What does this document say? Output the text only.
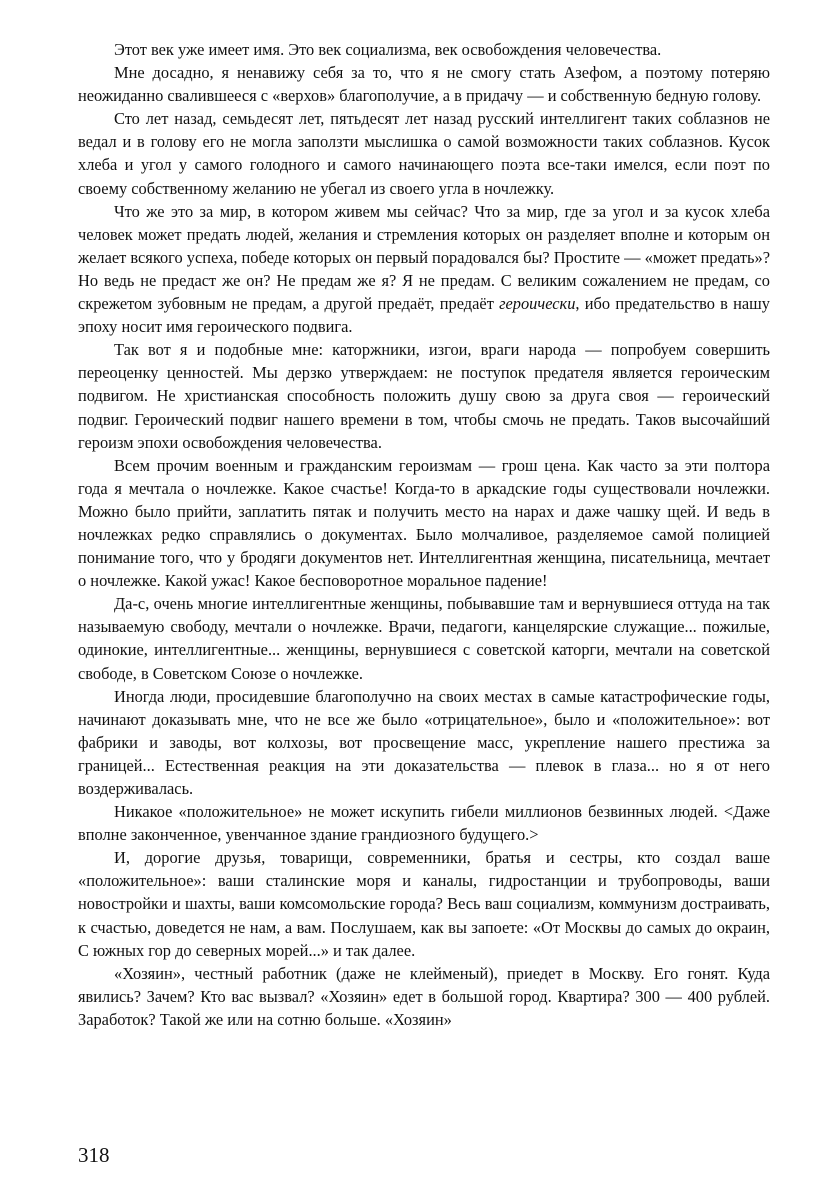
Этот век уже имеет имя. Это век социализма, век освобождения человечества.

Мне досадно, я ненавижу себя за то, что я не смогу стать Азефом, а поэтому потеряю неожиданно свалившееся с «верхов» благополучие, а в придачу — и собственную бедную голову.

Сто лет назад, семьдесят лет, пятьдесят лет назад русский интеллигент таких соблазнов не ведал и в голову его не могла заползти мыслишка о самой возможности таких соблазнов. Кусок хлеба и угол у самого голодного и самого начинающего поэта все-таки имелся, если поэт по своему собственному желанию не убегал из своего угла в ночлежку.

Что же это за мир, в котором живем мы сейчас? Что за мир, где за угол и за кусок хлеба человек может предать людей, желания и стремления которых он разделяет вполне и которым он желает всякого успеха, победе которых он первый порадовался бы? Простите — «может предать»? Но ведь не предаст же он? Не предам же я? Я не предам. С великим сожалением не предам, со скрежетом зубовным не предам, а другой предаёт, предаёт героически, ибо предательство в нашу эпоху носит имя героического подвига.

Так вот я и подобные мне: каторжники, изгои, враги народа — попробуем совершить переоценку ценностей. Мы дерзко утверждаем: не поступок предателя является героическим подвигом. Не христианская способность положить душу свою за друга своя — героический подвиг. Героический подвиг нашего времени в том, чтобы смочь не предать. Таков высочайший героизм эпохи освобождения человечества.

Всем прочим военным и гражданским героизмам — грош цена. Как часто за эти полтора года я мечтала о ночлежке. Какое счастье! Когда-то в аркадские годы существовали ночлежки. Можно было прийти, заплатить пятак и получить место на нарах и даже чашку щей. И ведь в ночлежках редко справлялись о документах. Было молчаливое, разделяемое самой полицией понимание того, что у бродяги документов нет. Интеллигентная женщина, писательница, мечтает о ночлежке. Какой ужас! Какое бесповоротное моральное падение!

Да-с, очень многие интеллигентные женщины, побывавшие там и вернувшиеся оттуда на так называемую свободу, мечтали о ночлежке. Врачи, педагоги, канцелярские служащие... пожилые, одинокие, интеллигентные... женщины, вернувшиеся с советской каторги, мечтали на советской свободе, в Советском Союзе о ночлежке.

Иногда люди, просидевшие благополучно на своих местах в самые катастрофические годы, начинают доказывать мне, что не все же было «отрицательное», было и «положительное»: вот фабрики и заводы, вот колхозы, вот просвещение масс, укрепление нашего престижа за границей... Естественная реакция на эти доказательства — плевок в глаза... но я от него воздерживалась.

Никакое «положительное» не может искупить гибели миллионов безвинных людей. <Даже вполне законченное, увенчанное здание грандиозного будущего.>

И, дорогие друзья, товарищи, современники, братья и сестры, кто создал ваше «положительное»: ваши сталинские моря и каналы, гидростанции и трубопроводы, ваши новостройки и шахты, ваши комсомольские города? Весь ваш социализм, коммунизм достраивать, к счастью, доведется не нам, а вам. Послушаем, как вы запоете: «От Москвы до самых до окраин, С южных гор до северных морей...» и так далее.

«Хозяин», честный работник (даже не клейменый), приедет в Москву. Его гонят. Куда явились? Зачем? Кто вас вызвал? «Хозяин» едет в большой город. Квартира? 300 — 400 рублей. Заработок? Такой же или на сотню больше. «Хозяин»

318
